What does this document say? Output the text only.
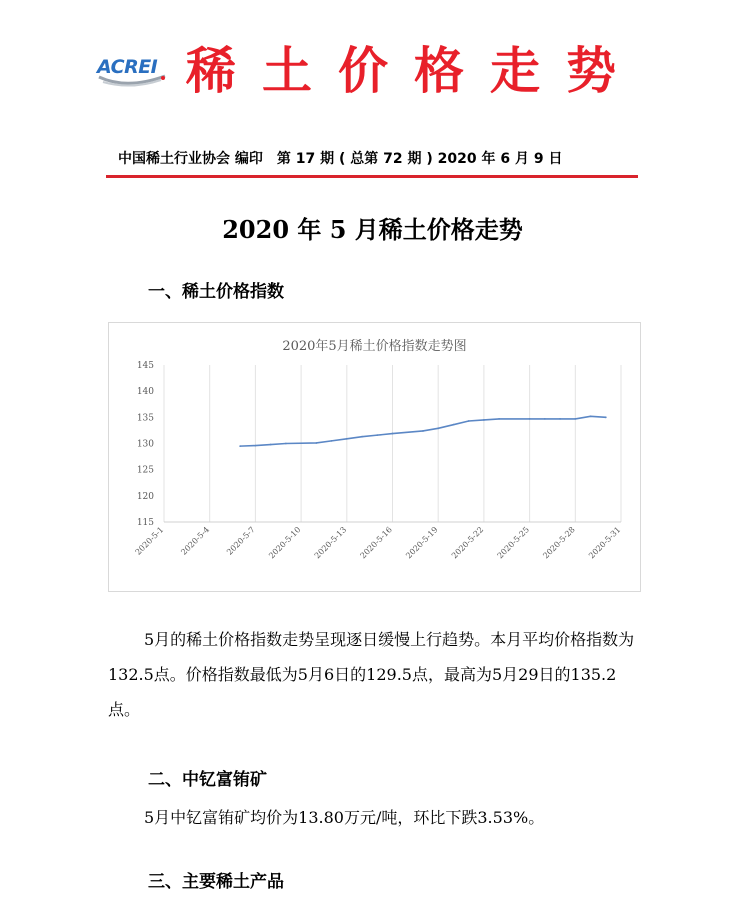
ACREI 稀土价格走势
中国稀土行业协会 编印　第 17 期 ( 总第 72 期 ) 2020 年 6 月 9 日
2020 年 5 月稀土价格走势
一、稀土价格指数
2020年5月稀土价格指数走势图
2020-5-1 2020-5-4 2020-5-7 2020-5-10 2020-5-13 2020-5-16 2020-5-19 2020-5-22 2020-5-25 2020-5-28 2020-5-31
115
120
125
130
135
140
145
5月的稀土价格指数走势呈现逐日缓慢上行趋势。本月平均价格指数为132.5点。价格指数最低为5月6日的129.5点，最高为5月29日的135.2点。
二、中钇富铕矿
5月中钇富铕矿均价为13.80万元/吨，环比下跌3.53%。
三、主要稀土产品
